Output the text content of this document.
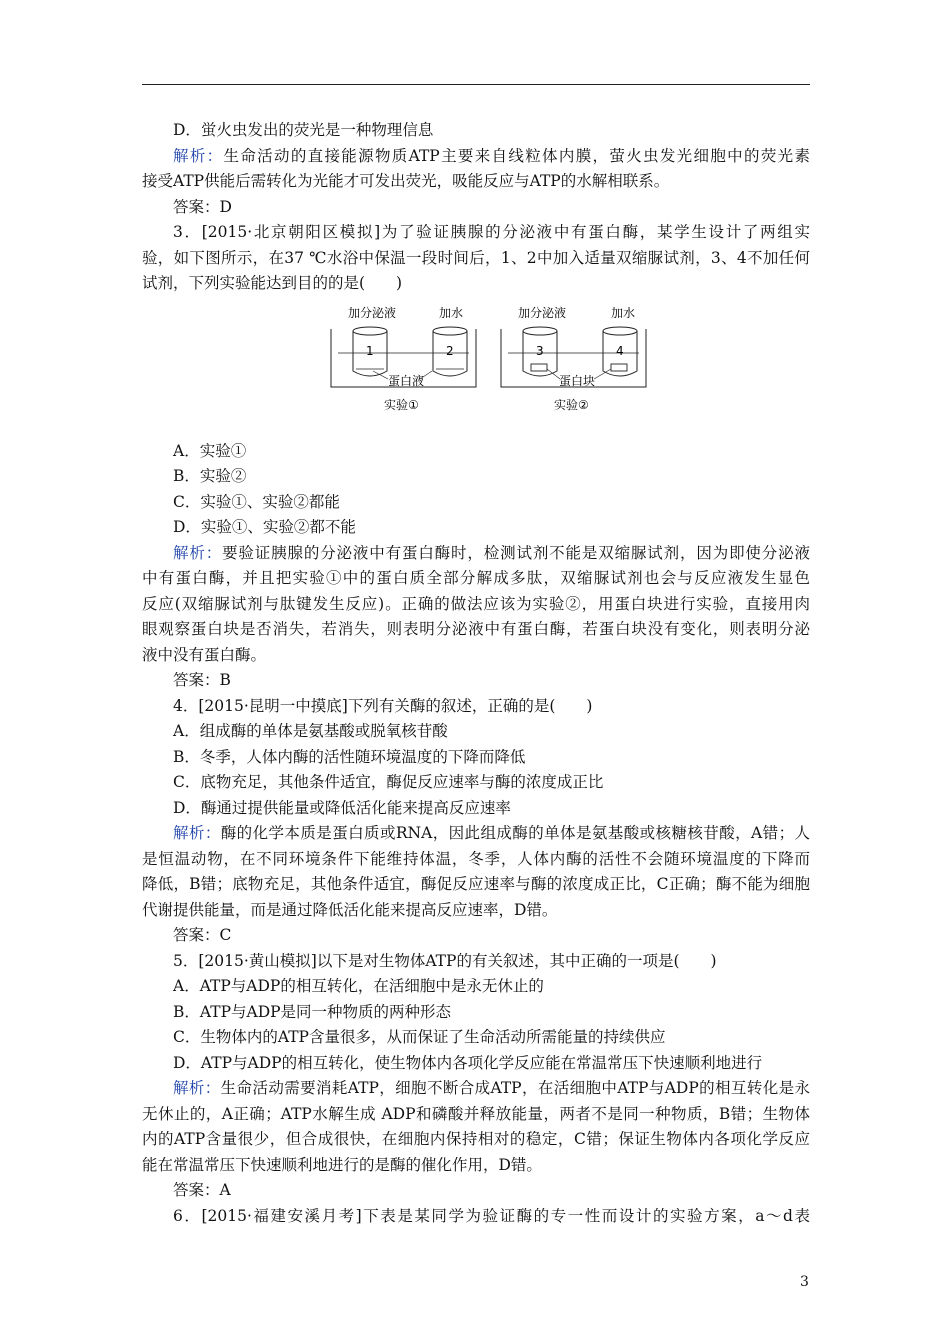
D．蛍火虫发出的荧光是一种物理信息
解析：生命活动的直接能源物质ATP主要来自线粒体内膜，萤火虫发光细胞中的荧光素
接受ATP供能后需转化为光能才可发出荧光，吸能反应与ATP的水解相联系。
答案：D
3．[2015·北京朝阳区模拟]为了验证胰腺的分泌液中有蛋白酶，某学生设计了两组实
验，如下图所示，在37 ℃水浴中保温一段时间后，1、2中加入适量双缩脲试剂，3、4不加任何
试剂，下列实验能达到目的的是(　　)
加分泌液	加水
1	2
蛋白液
实验①
加分泌液	加水
3	4
蛋白块
实验②
A．实验①
B．实验②
C．实验①、实验②都能
D．实验①、实验②都不能
解析：要验证胰腺的分泌液中有蛋白酶时，检测试剂不能是双缩脲试剂，因为即使分泌液
中有蛋白酶，并且把实验①中的蛋白质全部分解成多肽，双缩脲试剂也会与反应液发生显色
反应(双缩脲试剂与肽键发生反应)。正确的做法应该为实验②，用蛋白块进行实验，直接用肉
眼观察蛋白块是否消失，若消失，则表明分泌液中有蛋白酶，若蛋白块没有变化，则表明分泌
液中没有蛋白酶。
答案：B
4．[2015·昆明一中摸底]下列有关酶的叙述，正确的是(　　)
A．组成酶的单体是氨基酸或脱氧核苷酸
B．冬季，人体内酶的活性随环境温度的下降而降低
C．底物充足，其他条件适宜，酶促反应速率与酶的浓度成正比
D．酶通过提供能量或降低活化能来提高反应速率
解析：酶的化学本质是蛋白质或RNA，因此组成酶的单体是氨基酸或核糖核苷酸，A错；人
是恒温动物，在不同环境条件下能维持体温，冬季，人体内酶的活性不会随环境温度的下降而
降低，B错；底物充足，其他条件适宜，酶促反应速率与酶的浓度成正比，C正确；酶不能为细胞
代谢提供能量，而是通过降低活化能来提高反应速率，D错。
答案：C
5．[2015·黄山模拟]以下是对生物体ATP的有关叙述，其中正确的一项是(　　)
A．ATP与ADP的相互转化，在活细胞中是永无休止的
B．ATP与ADP是同一种物质的两种形态
C．生物体内的ATP含量很多，从而保证了生命活动所需能量的持续供应
D．ATP与ADP的相互转化，使生物体内各项化学反应能在常温常压下快速顺利地进行
解析：生命活动需要消耗ATP，细胞不断合成ATP，在活细胞中ATP与ADP的相互转化是永
无休止的，A正确；ATP水解生成 ADP和磷酸并释放能量，两者不是同一种物质，B错；生物体
内的ATP含量很少，但合成很快，在细胞内保持相对的稳定，C错；保证生物体内各项化学反应
能在常温常压下快速顺利地进行的是酶的催化作用，D错。
答案：A
6．[2015·福建安溪月考]下表是某同学为验证酶的专一性而设计的实验方案，a～d表
3
